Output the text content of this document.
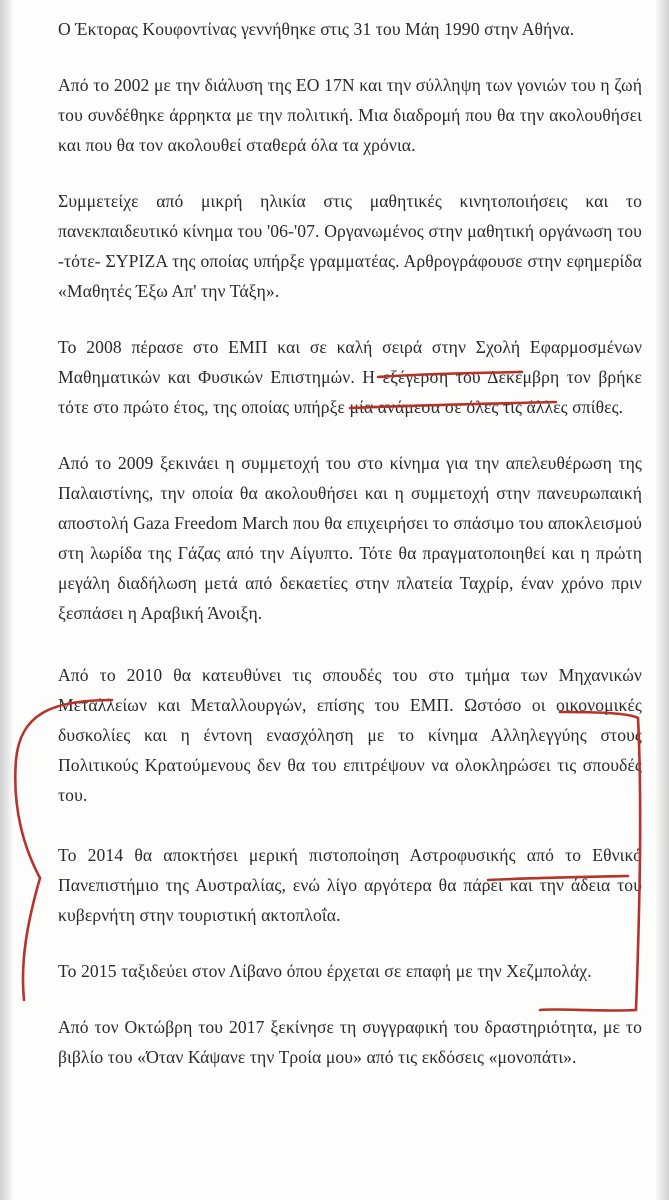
Ο Έκτορας Κουφοντίνας γεννήθηκε στις 31 του Μάη 1990 στην Αθήνα.

Από το 2002 με την διάλυση της ΕΟ 17Ν και την σύλληψη των γονιών του η ζωή του συνδέθηκε άρρηκτα με την πολιτική. Μια διαδρομή που θα την ακολουθήσει και που θα τον ακολουθεί σταθερά όλα τα χρόνια.

Συμμετείχε από μικρή ηλικία στις μαθητικές κινητοποιήσεις και το πανεκπαιδευτικό κίνημα του '06-'07. Οργανωμένος στην μαθητική οργάνωση του -τότε- ΣΥΡΙΖΑ της οποίας υπήρξε γραμματέας. Αρθρογράφουσε στην εφημερίδα «Μαθητές Έξω Απ' την Τάξη».

Το 2008 πέρασε στο ΕΜΠ και σε καλή σειρά στην Σχολή Εφαρμοσμένων Μαθηματικών και Φυσικών Επιστημών. Η εξέγερση του Δεκέμβρη τον βρήκε τότε στο πρώτο έτος, της οποίας υπήρξε μία ανάμεσα σε όλες τις άλλες σπίθες.

Από το 2009 ξεκινάει η συμμετοχή του στο κίνημα για την απελευθέρωση της Παλαιστίνης, την οποία θα ακολουθήσει και η συμμετοχή στην πανευρωπαική αποστολή Gaza Freedom March που θα επιχειρήσει το σπάσιμο του αποκλεισμού στη λωρίδα της Γάζας από την Αίγυπτο. Τότε θα πραγματοποιηθεί και η πρώτη μεγάλη διαδήλωση μετά από δεκαετίες στην πλατεία Ταχρίρ, έναν χρόνο πριν ξεσπάσει η Αραβική Άνοιξη.

Από το 2010 θα κατευθύνει τις σπουδές του στο τμήμα των Μηχανικών Μεταλλείων και Μεταλλουργών, επίσης του ΕΜΠ. Ωστόσο οι οικονομικές δυσκολίες και η έντονη ενασχόληση με το κίνημα Αλληλεγγύης στους Πολιτικούς Κρατούμενους δεν θα του επιτρέψουν να ολοκληρώσει τις σπουδές του.

Το 2014 θα αποκτήσει μερική πιστοποίηση Αστροφυσικής από το Εθνικό Πανεπιστήμιο της Αυστραλίας, ενώ λίγο αργότερα θα πάρει και την άδεια του κυβερνήτη στην τουριστική ακτοπλοΐα.

Το 2015 ταξιδεύει στον Λίβανο όπου έρχεται σε επαφή με την Χεζμπολάχ.

Από τον Οκτώβρη του 2017 ξεκίνησε τη συγγραφική του δραστηριότητα, με το βιβλίο του «Όταν Κάψανε την Τροία μου» από τις εκδόσεις «μονοπάτι».
